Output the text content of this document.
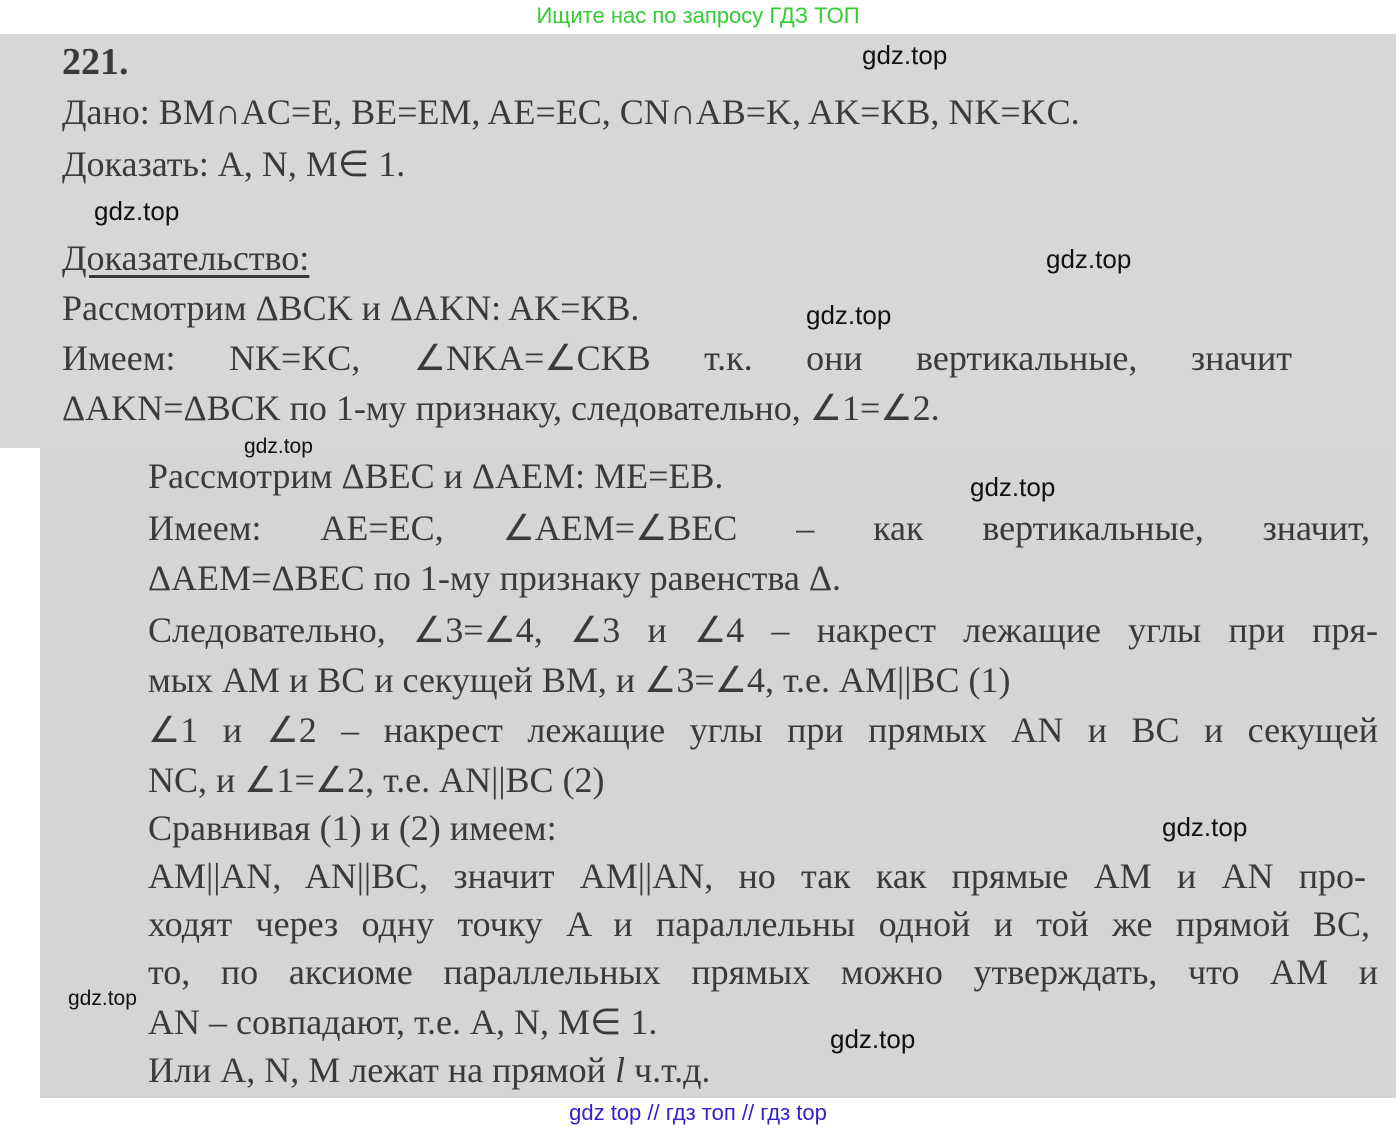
Ищите нас по запросу ГДЗ ТОП
221.
Дано: BM∩AC=E, BE=EM, AE=EC, CN∩AB=K, AK=KB, NK=KC.
Доказать: A, N, M∈ 1.
Доказательство:
Рассмотрим ΔBCK и ΔAKN: AK=KB.
Имеем: NK=KC, ∠NKA=∠CKB т.к. они вертикальные, значит
ΔAKN=ΔBCK по 1-му признаку, следовательно, ∠1=∠2.
Рассмотрим ΔBEC и ΔAEM: ME=EB.
Имеем: AE=EC, ∠AEM=∠BEC – как вертикальные, значит,
ΔAEM=ΔBEC по 1-му признаку равенства Δ.
Следовательно, ∠3=∠4, ∠3 и ∠4 – накрест лежащие углы при пря-
мых AM и BC и секущей BM, и ∠3=∠4, т.е. AM||BC (1)
∠1 и ∠2 – накрест лежащие углы при прямых AN и BC и секущей
NC, и ∠1=∠2, т.е. AN||BC (2)
Сравнивая (1) и (2) имеем:
AM||AN, AN||BC, значит AM||AN, но так как прямые AM и AN про-
ходят через одну точку A и параллельны одной и той же прямой BC,
то, по аксиоме параллельных прямых можно утверждать, что AM и
AN – совпадают, т.е. A, N, M∈ 1.
Или A, N, M лежат на прямой l ч.т.д.
gdz.top
gdz.top
gdz.top
gdz.top
gdz.top
gdz.top
gdz.top
gdz.top
gdz.top
gdz top // гдз топ // гдз top
